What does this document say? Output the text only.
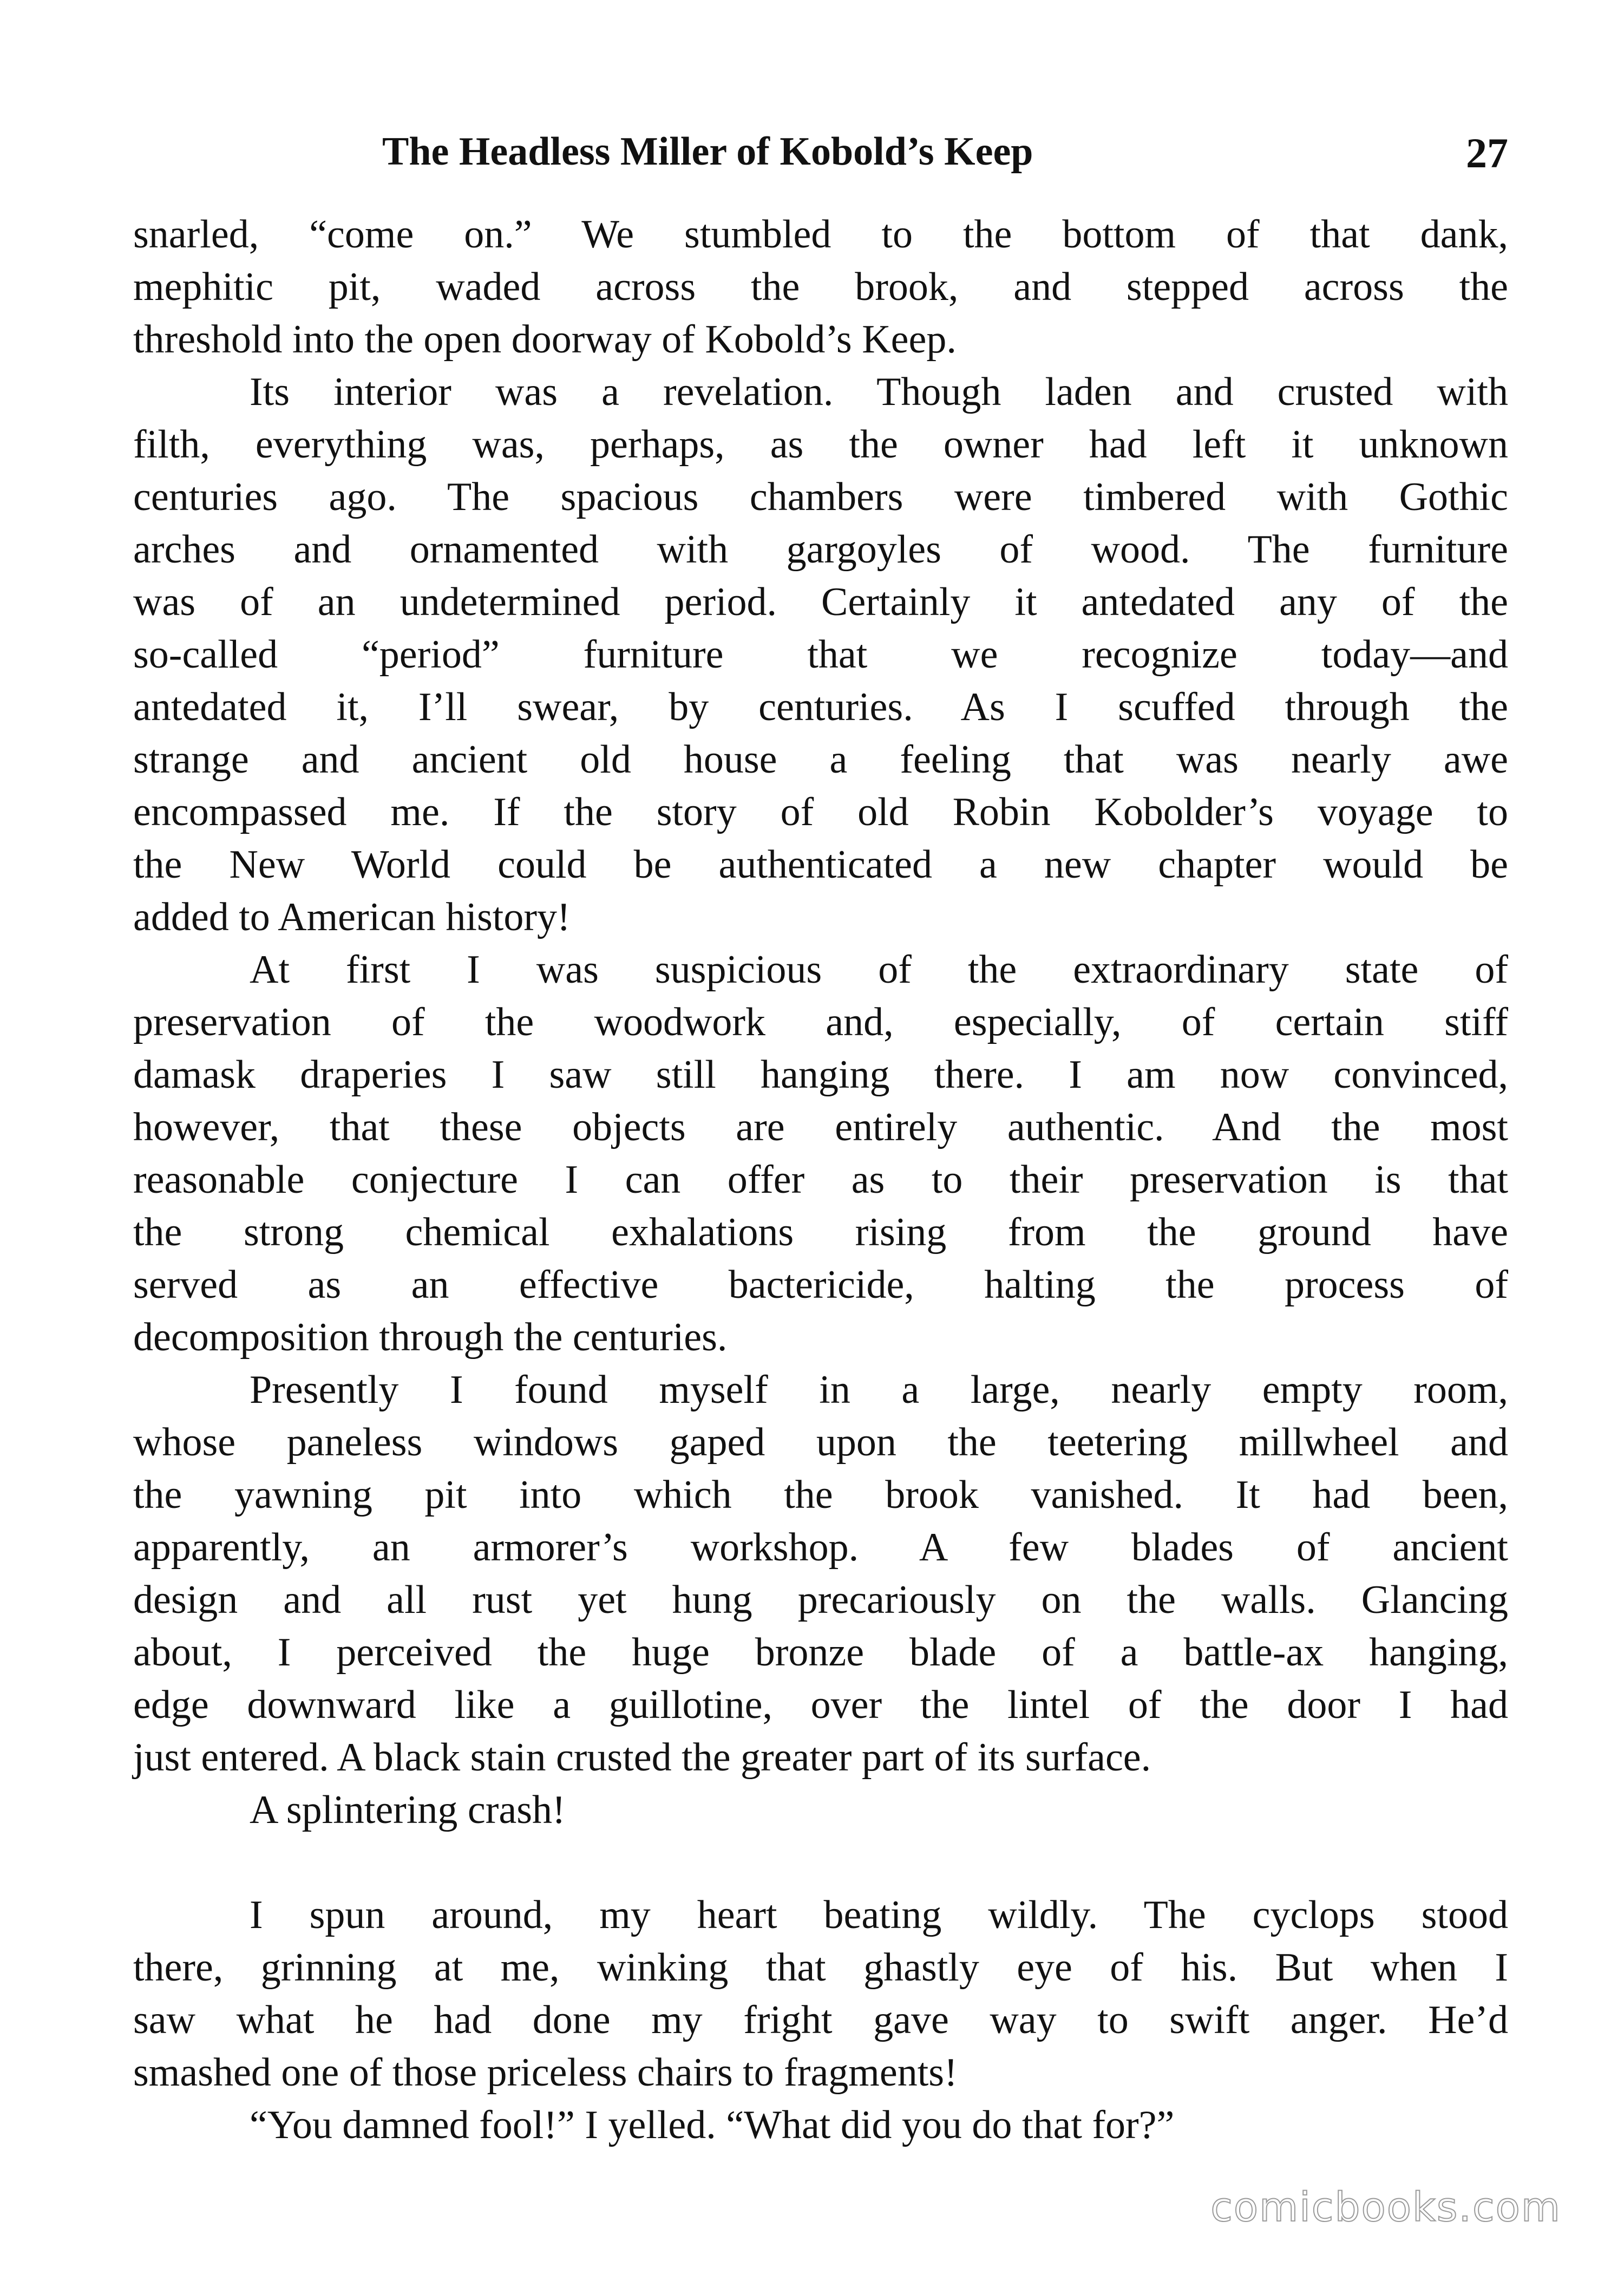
The Headless Miller of Kobold’s Keep	27
snarled, “come on.” We stumbled to the bottom of that dank,
mephitic pit, waded across the brook, and stepped across the
threshold into the open doorway of Kobold’s Keep.
Its interior was a revelation. Though laden and crusted with
filth, everything was, perhaps, as the owner had left it unknown
centuries ago. The spacious chambers were timbered with Gothic
arches and ornamented with gargoyles of wood. The furniture
was of an undetermined period. Certainly it antedated any of the
so-called “period” furniture that we recognize today—and
antedated it, I’ll swear, by centuries. As I scuffed through the
strange and ancient old house a feeling that was nearly awe
encompassed me. If the story of old Robin Kobolder’s voyage to
the New World could be authenticated a new chapter would be
added to American history!
At first I was suspicious of the extraordinary state of
preservation of the woodwork and, especially, of certain stiff
damask draperies I saw still hanging there. I am now convinced,
however, that these objects are entirely authentic. And the most
reasonable conjecture I can offer as to their preservation is that
the strong chemical exhalations rising from the ground have
served as an effective bactericide, halting the process of
decomposition through the centuries.
Presently I found myself in a large, nearly empty room,
whose paneless windows gaped upon the teetering millwheel and
the yawning pit into which the brook vanished. It had been,
apparently, an armorer’s workshop. A few blades of ancient
design and all rust yet hung precariously on the walls. Glancing
about, I perceived the huge bronze blade of a battle-ax hanging,
edge downward like a guillotine, over the lintel of the door I had
just entered. A black stain crusted the greater part of its surface.
A splintering crash!
I spun around, my heart beating wildly. The cyclops stood
there, grinning at me, winking that ghastly eye of his. But when I
saw what he had done my fright gave way to swift anger. He’d
smashed one of those priceless chairs to fragments!
“You damned fool!” I yelled. “What did you do that for?”
comicbooks.com
